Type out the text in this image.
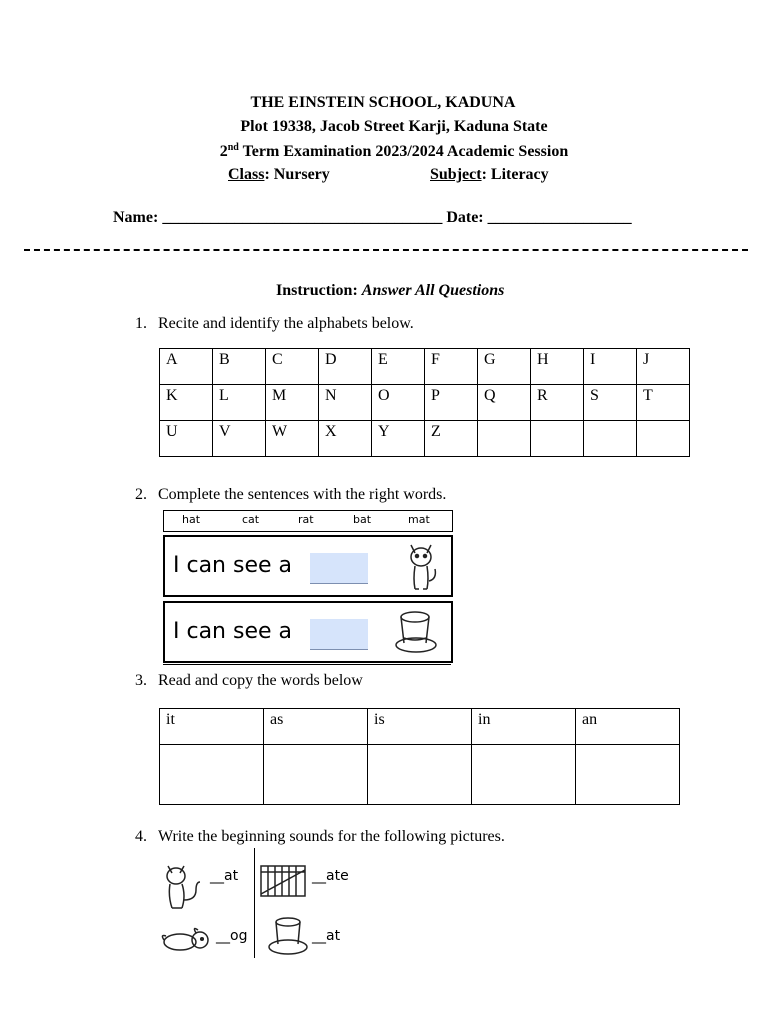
THE EINSTEIN SCHOOL, KADUNA
Plot 19338, Jacob Street Karji, Kaduna State
2nd Term Examination 2023/2024 Academic Session
Class: Nursery	Subject: Literacy
Name: ___________________________________ Date: __________________
Instruction: Answer All Questions
1. Recite and identify the alphabets below.
A	B	C	D	E	F	G	H	I	J
K	L	M	N	O	P	Q	R	S	T
U	V	W	X	Y	Z				
2. Complete the sentences with the right words.
hat	cat	rat	bat	mat
I can see a
I can see a
3. Read and copy the words below
it	as	is	in	an

4. Write the beginning sounds for the following pictures.
__at	__ate
__og	__at
